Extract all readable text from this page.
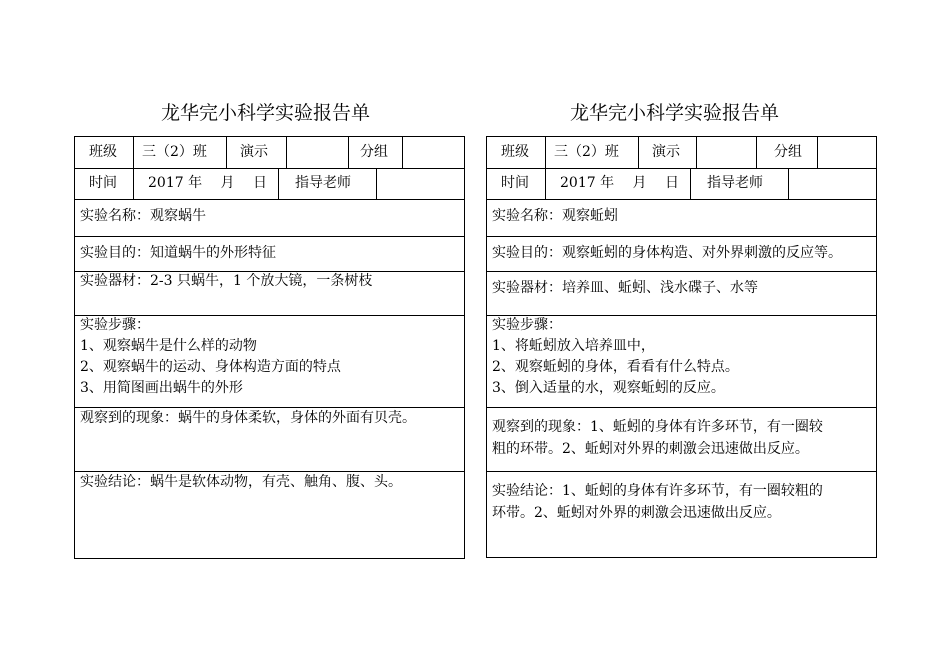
龙华完小科学实验报告单
班级 三（2）班 演示	分组
时间 2017 年　 月　 日 指导老师
实验名称：观察蜗牛
实验目的：知道蜗牛的外形特征
实验器材：2-3 只蜗牛，1 个放大镜，一条树枝
实验步骤：
1、观察蜗牛是什么样的动物
2、观察蜗牛的运动、身体构造方面的特点
3、用简图画出蜗牛的外形
观察到的现象：蜗牛的身体柔软，身体的外面有贝壳。
实验结论：蜗牛是软体动物，有壳、触角、腹、头。
龙华完小科学实验报告单
班级 三（2）班 演示	分组
时间 2017 年　 月　 日 指导老师
实验名称：观察蚯蚓
实验目的：观察蚯蚓的身体构造、对外界刺激的反应等。
实验器材：培养皿、蚯蚓、浅水碟子、水等
实验步骤：
1、将蚯蚓放入培养皿中，
2、观察蚯蚓的身体，看看有什么特点。
3、倒入适量的水，观察蚯蚓的反应。
观察到的现象：1、蚯蚓的身体有许多环节，有一圈较
粗的环带。2、蚯蚓对外界的刺激会迅速做出反应。
实验结论：1、蚯蚓的身体有许多环节，有一圈较粗的
环带。2、蚯蚓对外界的刺激会迅速做出反应。
